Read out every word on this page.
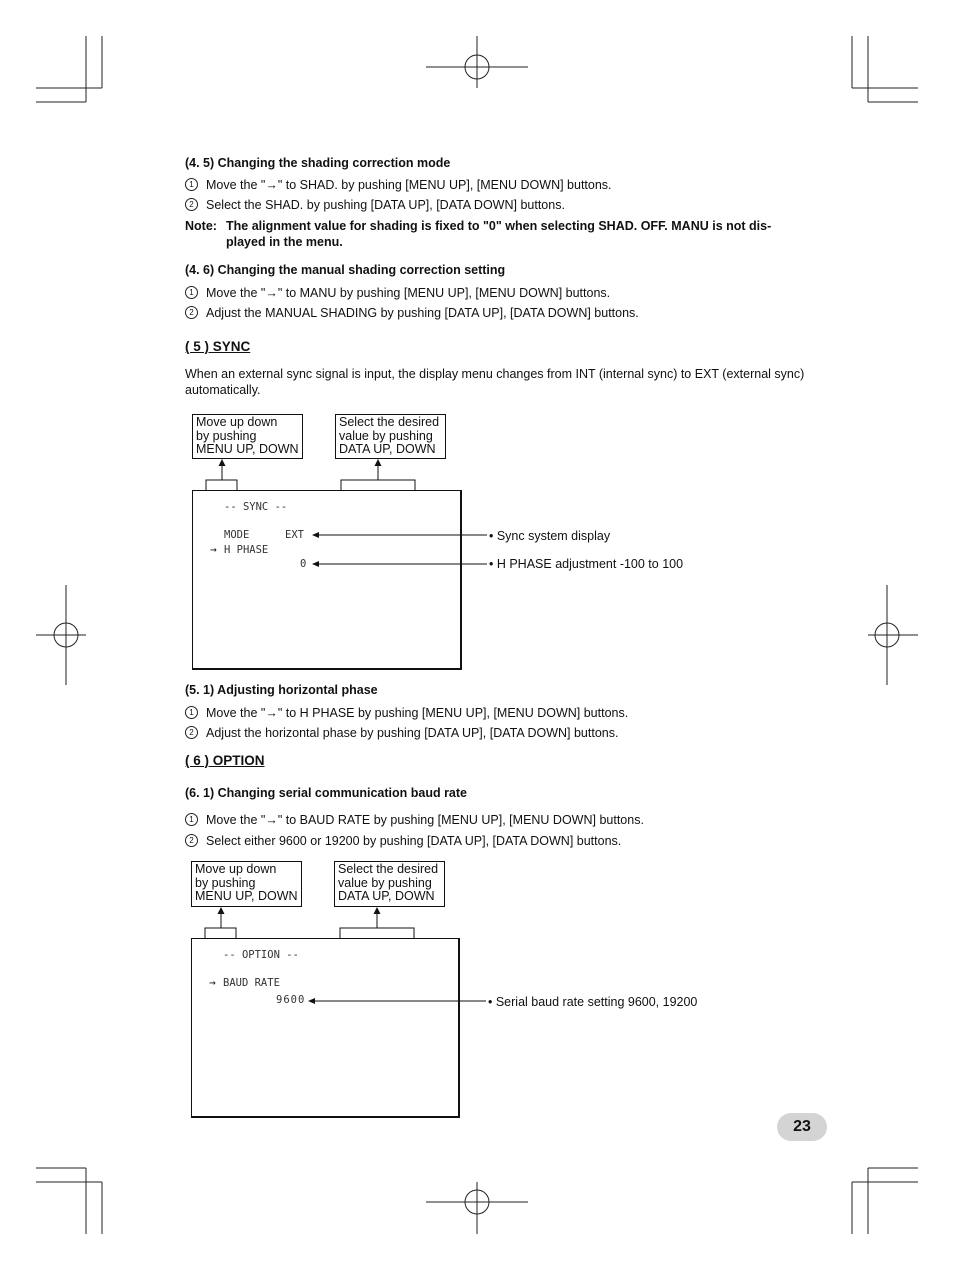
(4. 5) Changing the shading correction mode
1 Move the "→" to SHAD. by pushing [MENU UP], [MENU DOWN] buttons.
2 Select the SHAD. by pushing [DATA UP], [DATA DOWN] buttons.
Note: The alignment value for shading is fixed to "0" when selecting SHAD. OFF. MANU is not dis-played in the menu.
(4. 6) Changing the manual shading correction setting
1 Move the "→" to MANU by pushing [MENU UP], [MENU DOWN] buttons.
2 Adjust the MANUAL SHADING by pushing [DATA UP], [DATA DOWN] buttons.
( 5 ) SYNC
When an external sync signal is input, the display menu changes from INT (internal sync) to EXT (external sync) automatically.
Move up down
by pushing
MENU UP, DOWN
Select the desired
value by pushing
DATA UP, DOWN
-- SYNC --
MODE	EXT
→ H PHASE
0
• Sync system display
• H PHASE adjustment -100 to 100
(5. 1) Adjusting horizontal phase
1 Move the "→" to H PHASE by pushing [MENU UP], [MENU DOWN] buttons.
2 Adjust the horizontal phase by pushing [DATA UP], [DATA DOWN] buttons.
( 6 ) OPTION
(6. 1) Changing serial communication baud rate
1 Move the "→" to BAUD RATE by pushing [MENU UP], [MENU DOWN] buttons.
2 Select either 9600 or 19200 by pushing [DATA UP], [DATA DOWN] buttons.
Move up down
by pushing
MENU UP, DOWN
Select the desired
value by pushing
DATA UP, DOWN
-- OPTION --
→ BAUD RATE
9600	• Serial baud rate setting 9600, 19200
23
